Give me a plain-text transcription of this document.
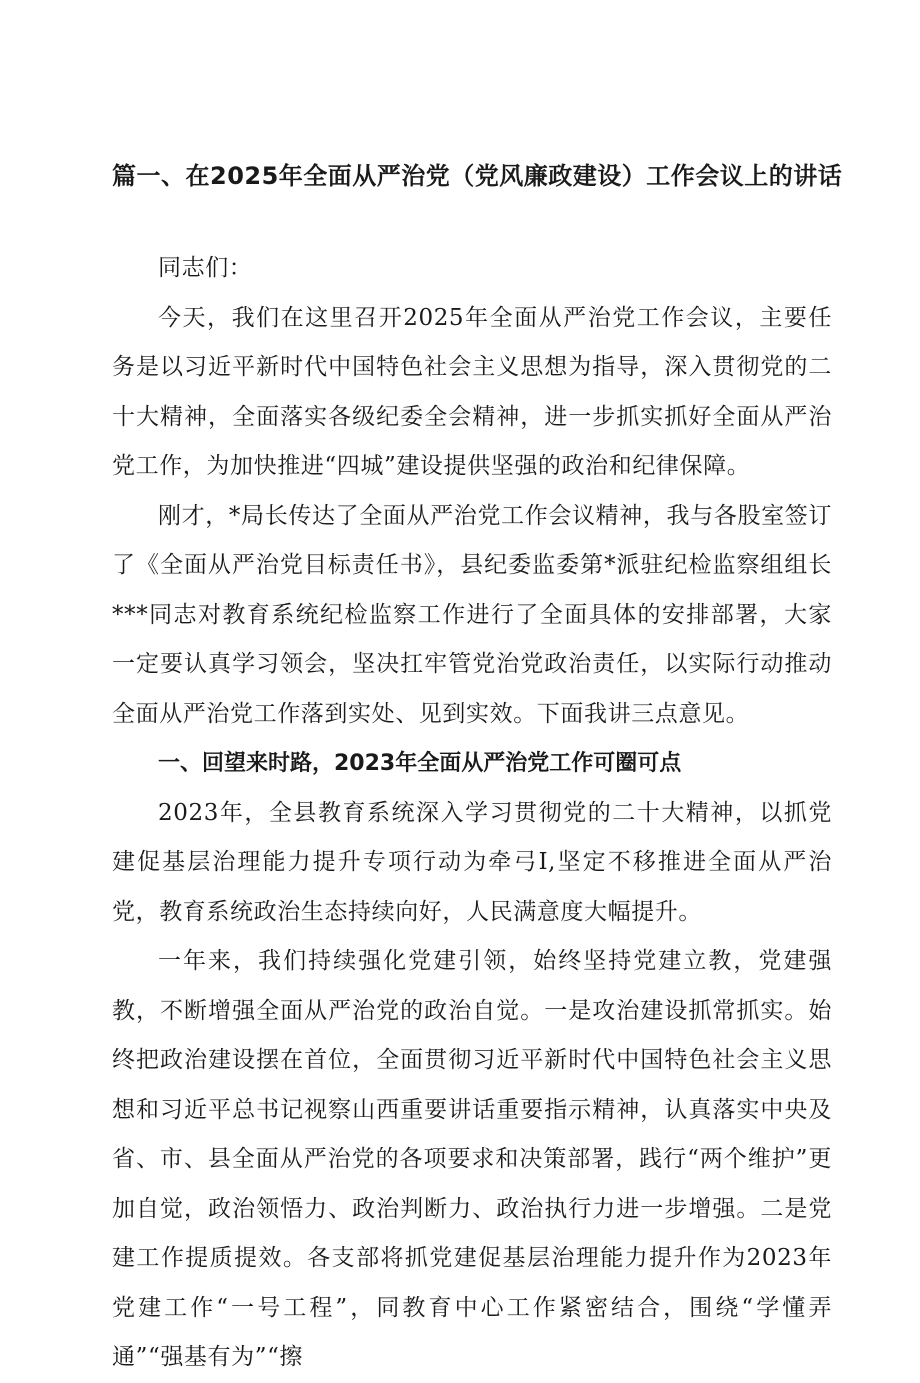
篇一、在2025年全面从严治党（党风廉政建设）工作会议上的讲话

同志们：

今天，我们在这里召开2025年全面从严治党工作会议，主要任务是以习近平新时代中国特色社会主义思想为指导，深入贯彻党的二十大精神，全面落实各级纪委全会精神，进一步抓实抓好全面从严治党工作，为加快推进“四城”建设提供坚强的政治和纪律保障。

刚才，*局长传达了全面从严治党工作会议精神，我与各股室签订了《全面从严治党目标责任书》，县纪委监委第*派驻纪检监察组组长***同志对教育系统纪检监察工作进行了全面具体的安排部署，大家一定要认真学习领会，坚决扛牢管党治党政治责任，以实际行动推动全面从严治党工作落到实处、见到实效。下面我讲三点意见。

一、回望来时路，2023年全面从严治党工作可圈可点

2023年，全县教育系统深入学习贯彻党的二十大精神，以抓党建促基层治理能力提升专项行动为牵弓I,坚定不移推进全面从严治党，教育系统政治生态持续向好，人民满意度大幅提升。

一年来，我们持续强化党建引领，始终坚持党建立教，党建强教，不断增强全面从严治党的政治自觉。一是攻治建设抓常抓实。始终把政治建设摆在首位，全面贯彻习近平新时代中国特色社会主义思想和习近平总书记视察山西重要讲话重要指示精神，认真落实中央及省、市、县全面从严治党的各项要求和决策部署，践行“两个维护”更加自觉，政治领悟力、政治判断力、政治执行力进一步增强。二是党建工作提质提效。各支部将抓党建促基层治理能力提升作为2023年党建工作“一号工程”，同教育中心工作紧密结合，围绕“学懂弄通”“强基有为”“擦
